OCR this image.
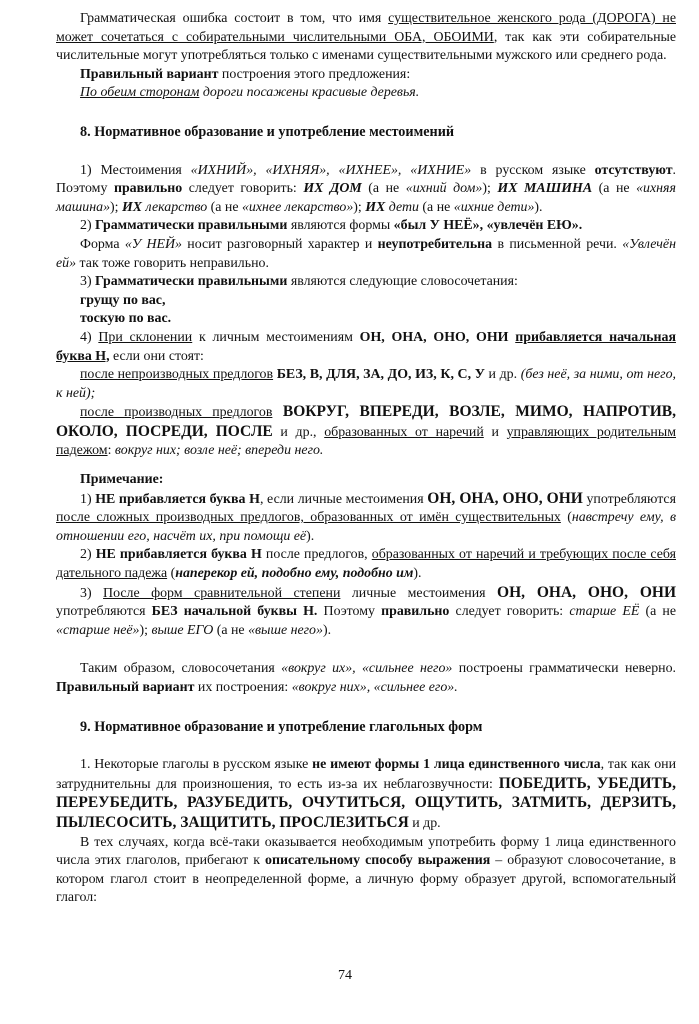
Грамматическая ошибка состоит в том, что имя существительное женского рода (ДОРОГА) не может сочетаться с собирательными числительными ОБА, ОБОИМИ, так как эти собирательные числительные могут употребляться только с именами существительными мужского или среднего рода.

Правильный вариант построения этого предложения:

По обеим сторонам дороги посажены красивые деревья.

8. Нормативное образование и употребление местоимений

1) Местоимения «ИХНИЙ», «ИХНЯЯ», «ИХНЕЕ», «ИХНИЕ» в русском языке отсутствуют. Поэтому правильно следует говорить: ИХ ДОМ (а не «ихний дом»); ИХ МАШИНА (а не «ихняя машина»); ИХ лекарство (а не «ихнее лекарство»); ИХ дети (а не «ихние дети»).

2) Грамматически правильными являются формы «был У НЕЁ», «увлечён ЕЮ».

Форма «У НЕЙ» носит разговорный характер и неупотребительна в письменной речи. «Увлечён ей» так тоже говорить неправильно.

3) Грамматически правильными являются следующие словосочетания:

грущу по вас,

тоскую по вас.

4) При склонении к личным местоимениям ОН, ОНА, ОНО, ОНИ прибавляется начальная буква Н, если они стоят:

после непроизводных предлогов БЕЗ, В, ДЛЯ, ЗА, ДО, ИЗ, К, С, У и др. (без неё, за ними, от него, к ней);

после производных предлогов ВОКРУГ, ВПЕРЕДИ, ВОЗЛЕ, МИМО, НАПРОТИВ, ОКОЛО, ПОСРЕДИ, ПОСЛЕ и др., образованных от наречий и управляющих родительным падежом: вокруг них; возле неё; впереди него.

Примечание:

1) НЕ прибавляется буква Н, если личные местоимения ОН, ОНА, ОНО, ОНИ употребляются после сложных производных предлогов, образованных от имён существительных (навстречу ему, в отношении его, насчёт их, при помощи её).

2) НЕ прибавляется буква Н после предлогов, образованных от наречий и требующих после себя дательного падежа (наперекор ей, подобно ему, подобно им).

3) После форм сравнительной степени личные местоимения ОН, ОНА, ОНО, ОНИ употребляются БЕЗ начальной буквы Н. Поэтому правильно следует говорить: старше ЕЁ (а не «старше неё»); выше ЕГО (а не «выше него»).

Таким образом, словосочетания «вокруг их», «сильнее него» построены грамматически неверно. Правильный вариант их построения: «вокруг них», «сильнее его».

9. Нормативное образование и употребление глагольных форм

1. Некоторые глаголы в русском языке не имеют формы 1 лица единственного числа, так как они затруднительны для произношения, то есть из-за их неблагозвучности: ПОБЕДИТЬ, УБЕДИТЬ, ПЕРЕУБЕДИТЬ, РАЗУБЕДИТЬ, ОЧУТИТЬСЯ, ОЩУТИТЬ, ЗАТМИТЬ, ДЕРЗИТЬ, ПЫЛЕСОСИТЬ, ЗАЩИТИТЬ, ПРОСЛЕЗИТЬСЯ и др.

В тех случаях, когда всё-таки оказывается необходимым употребить форму 1 лица единственного числа этих глаголов, прибегают к описательному способу выражения – образуют словосочетание, в котором глагол стоит в неопределенной форме, а личную форму образует другой, вспомогательный глагол:

74
